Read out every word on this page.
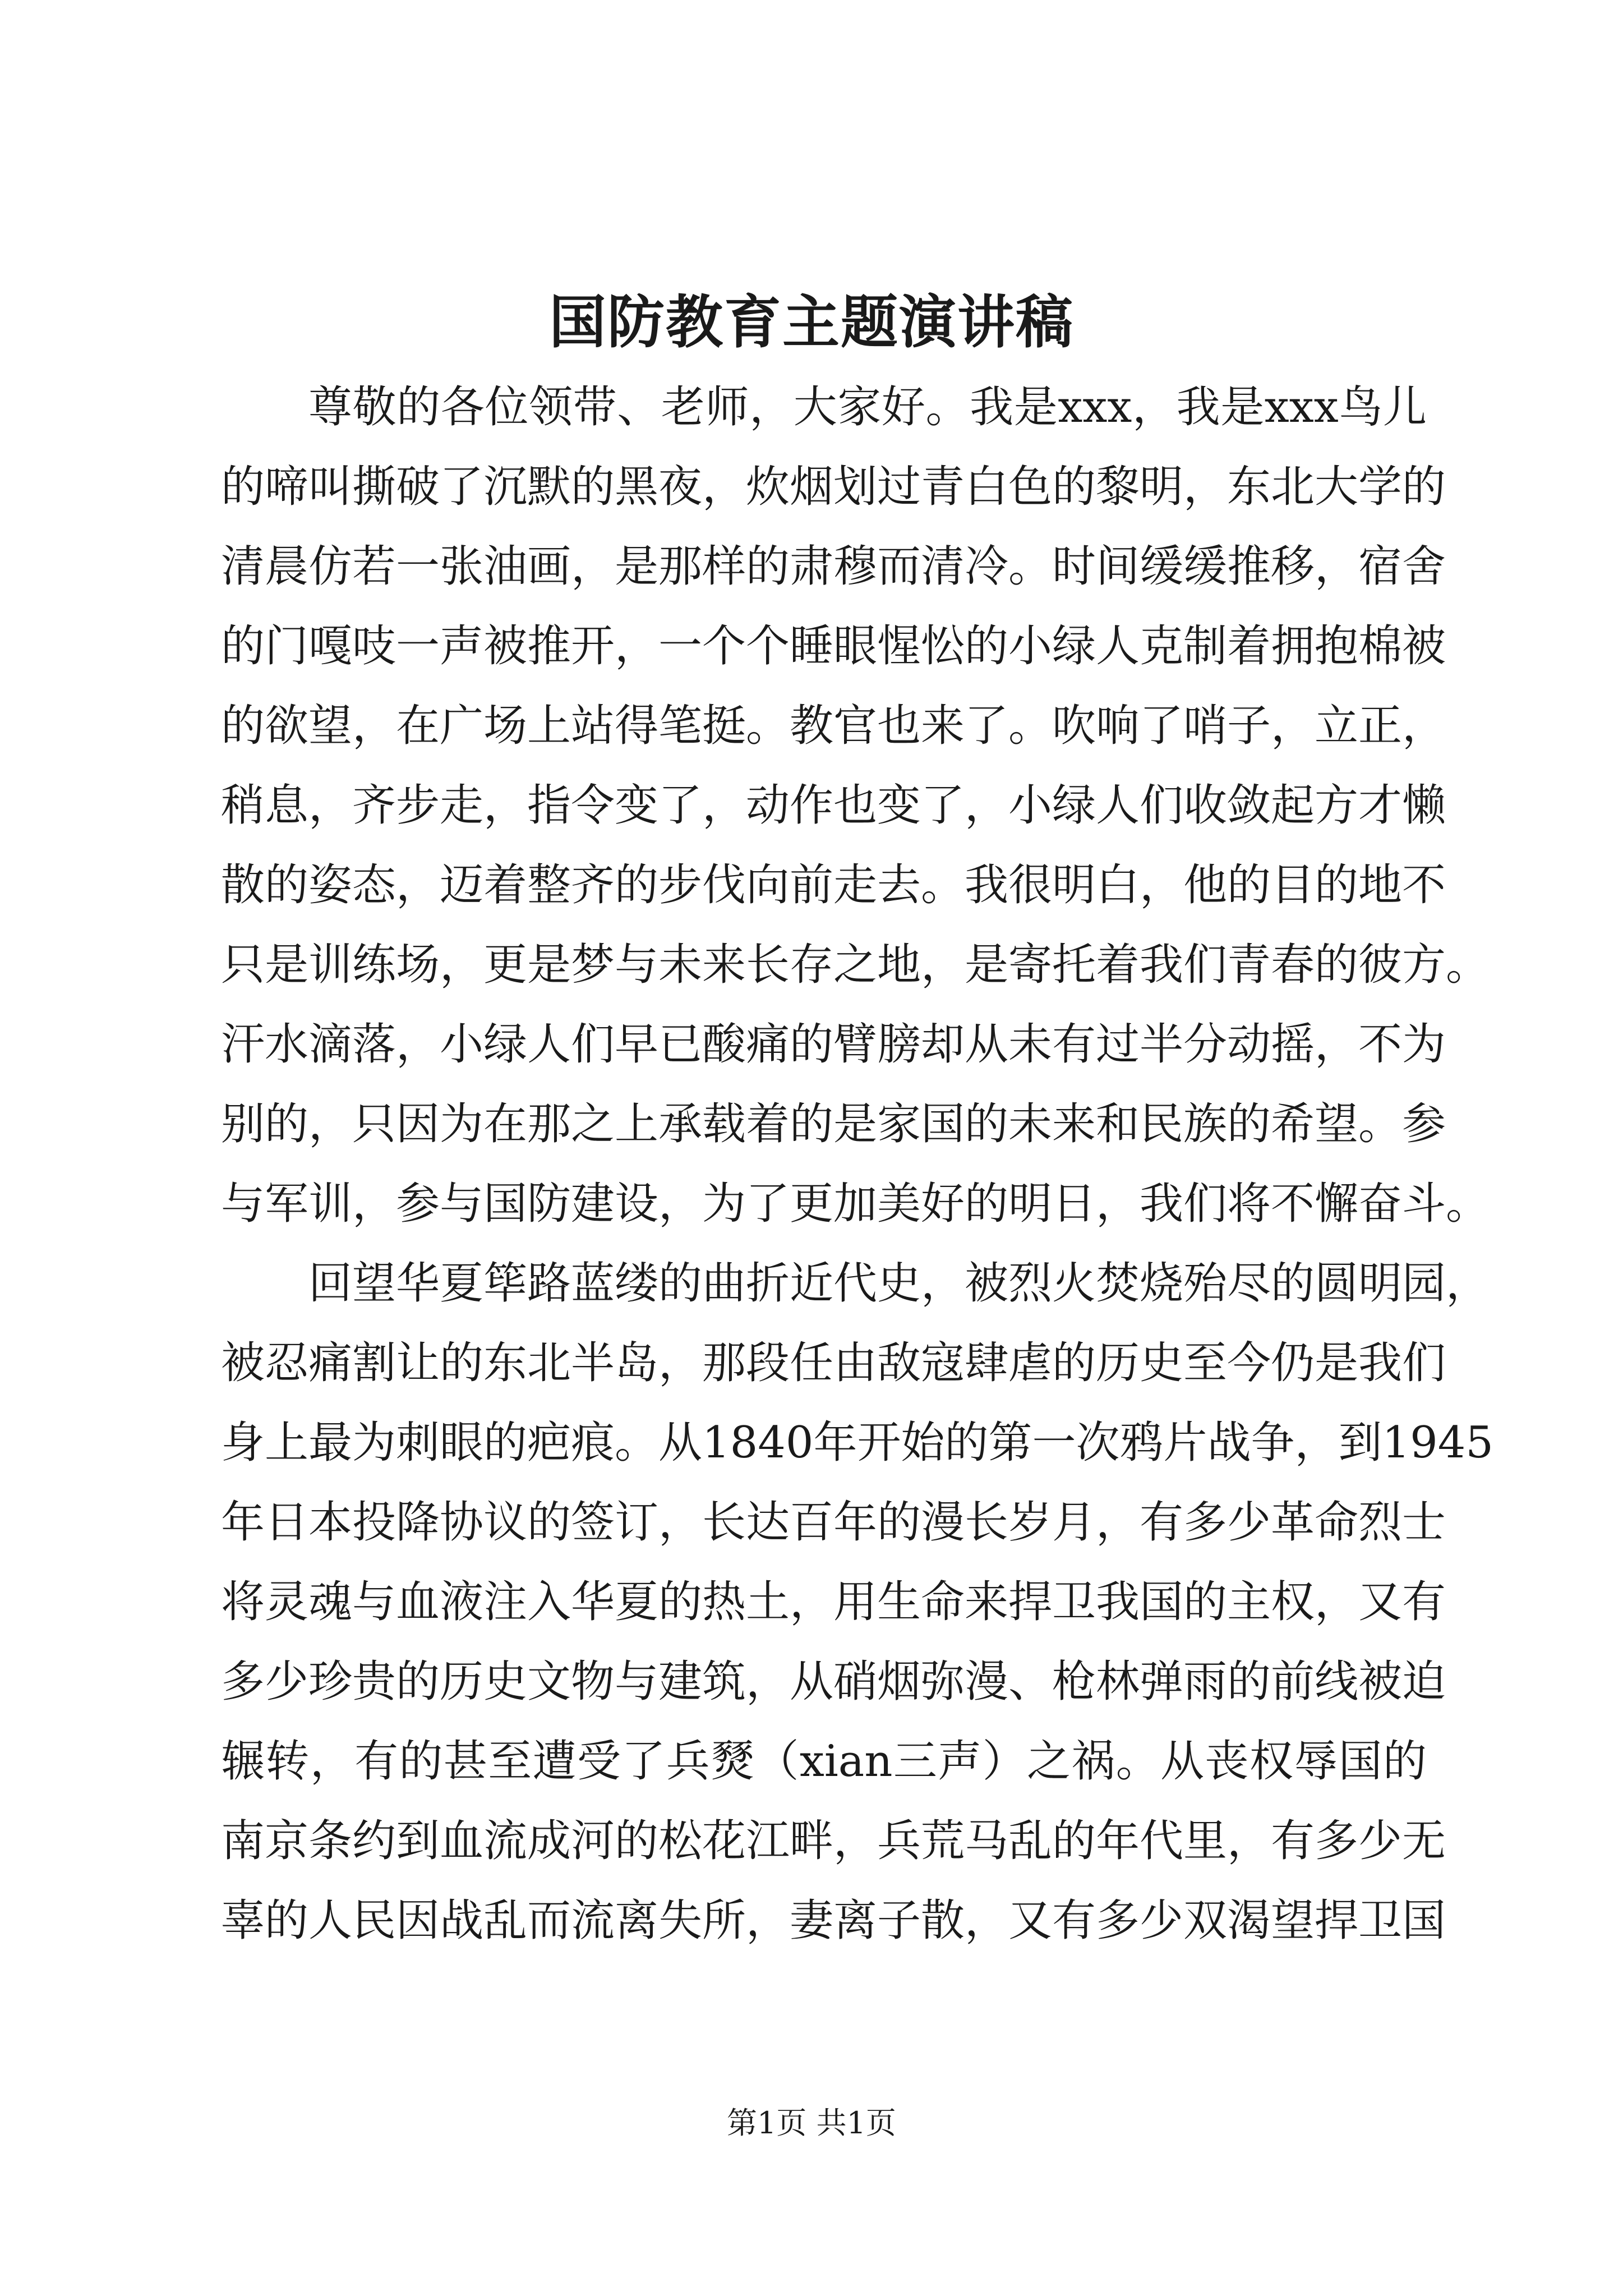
国防教育主题演讲稿
尊敬的各位领带、老师，大家好。我是xxx，我是xxx鸟儿
的啼叫撕破了沉默的黑夜，炊烟划过青白色的黎明，东北大学的
清晨仿若一张油画，是那样的肃穆而清冷。时间缓缓推移，宿舍
的门嘎吱一声被推开，一个个睡眼惺忪的小绿人克制着拥抱棉被
的欲望，在广场上站得笔挺。教官也来了。吹响了哨子，立正，
稍息，齐步走，指令变了，动作也变了，小绿人们收敛起方才懒
散的姿态，迈着整齐的步伐向前走去。我很明白，他的目的地不
只是训练场，更是梦与未来长存之地，是寄托着我们青春的彼方。
汗水滴落，小绿人们早已酸痛的臂膀却从未有过半分动摇，不为
别的，只因为在那之上承载着的是家国的未来和民族的希望。参
与军训，参与国防建设，为了更加美好的明日，我们将不懈奋斗。
回望华夏筚路蓝缕的曲折近代史，被烈火焚烧殆尽的圆明园，
被忍痛割让的东北半岛，那段任由敌寇肆虐的历史至今仍是我们
身上最为刺眼的疤痕。从1840年开始的第一次鸦片战争，到1945
年日本投降协议的签订，长达百年的漫长岁月，有多少革命烈士
将灵魂与血液注入华夏的热土，用生命来捍卫我国的主权，又有
多少珍贵的历史文物与建筑，从硝烟弥漫、枪林弹雨的前线被迫
辗转，有的甚至遭受了兵燹（xian三声）之祸。从丧权辱国的
南京条约到血流成河的松花江畔，兵荒马乱的年代里，有多少无
辜的人民因战乱而流离失所，妻离子散，又有多少双渴望捍卫国
第1页 共1页
